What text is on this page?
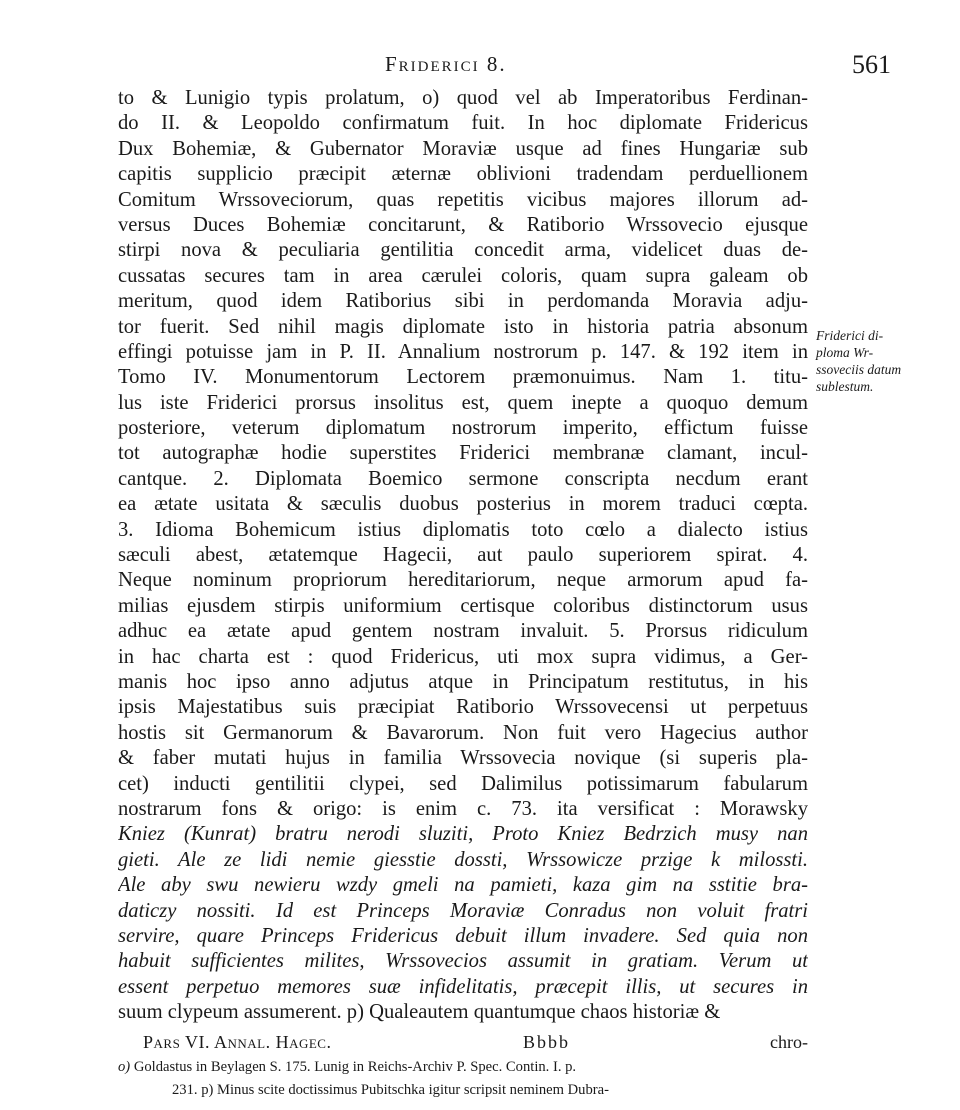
Friderici 8.	561
to & Lunigio typis prolatum, o) quod vel ab Imperatoribus Ferdinan-
do II. & Leopoldo confirmatum fuit. In hoc diplomate Fridericus
Dux Bohemiæ, & Gubernator Moraviæ usque ad fines Hungariæ sub
capitis supplicio præcipit æternæ oblivioni tradendam perduellionem
Comitum Wrssoveciorum, quas repetitis vicibus majores illorum ad-
versus Duces Bohemiæ concitarunt, & Ratiborio Wrssovecio ejusque
stirpi nova & peculiaria gentilitia concedit arma, videlicet duas de-
cussatas secures tam in area cærulei coloris, quam supra galeam ob
meritum, quod idem Ratiborius sibi in perdomanda Moravia adju-
tor fuerit. Sed nihil magis diplomate isto in historia patria absonum
effingi potuisse jam in P. II. Annalium nostrorum p. 147. & 192 item in
Tomo IV. Monumentorum Lectorem præmonuimus. Nam 1. titu-
lus iste Friderici prorsus insolitus est, quem inepte a quoquo demum
posteriore, veterum diplomatum nostrorum imperito, effictum fuisse
tot autographæ hodie superstites Friderici membranæ clamant, incul-
cantque. 2. Diplomata Boemico sermone conscripta necdum erant
ea ætate usitata & sæculis duobus posterius in morem traduci cœpta.
3. Idioma Bohemicum istius diplomatis toto cœlo a dialecto istius
sæculi abest, ætatemque Hagecii, aut paulo superiorem spirat. 4.
Neque nominum propriorum hereditariorum, neque armorum apud fa-
milias ejusdem stirpis uniformium certisque coloribus distinctorum usus
adhuc ea ætate apud gentem nostram invaluit. 5. Prorsus ridiculum
in hac charta est : quod Fridericus, uti mox supra vidimus, a Ger-
manis hoc ipso anno adjutus atque in Principatum restitutus, in his
ipsis Majestatibus suis præcipiat Ratiborio Wrssovecensi ut perpetuus
hostis sit Germanorum & Bavarorum. Non fuit vero Hagecius author
& faber mutati hujus in familia Wrssovecia novique (si superis pla-
cet) inducti gentilitii clypei, sed Dalimilus potissimarum fabularum
nostrarum fons & origo: is enim c. 73. ita versificat : Morawsky
Kniez (Kunrat) bratru nerodi sluziti, Proto Kniez Bedrzich musy nan
gieti. Ale ze lidi nemie giesstie dossti, Wrssowicze przige k milossti.
Ale aby swu newieru wzdy gmeli na pamieti, kaza gim na sstitie bra-
daticzy nossiti. Id est Princeps Moraviæ Conradus non voluit fratri
servire, quare Princeps Fridericus debuit illum invadere. Sed quia non
habuit sufficientes milites, Wrssovecios assumit in gratiam. Verum ut
essent perpetuo memores suæ infidelitatis, præcepit illis, ut secures in
suum clypeum assumerent. p) Qualeautem quantumque chaos historiæ &
Friderici di-
ploma Wr-
ssoveciis datum
sublestum.
Pars VI. Annal. Hagec.	Bbbb	chro-
o) Goldastus in Beylagen S. 175. Lunig in Reichs-Archiv P. Spec. Contin. I. p.
231. p) Minus scite doctissimus Pubitschka igitur scripsit neminem Dubra-
